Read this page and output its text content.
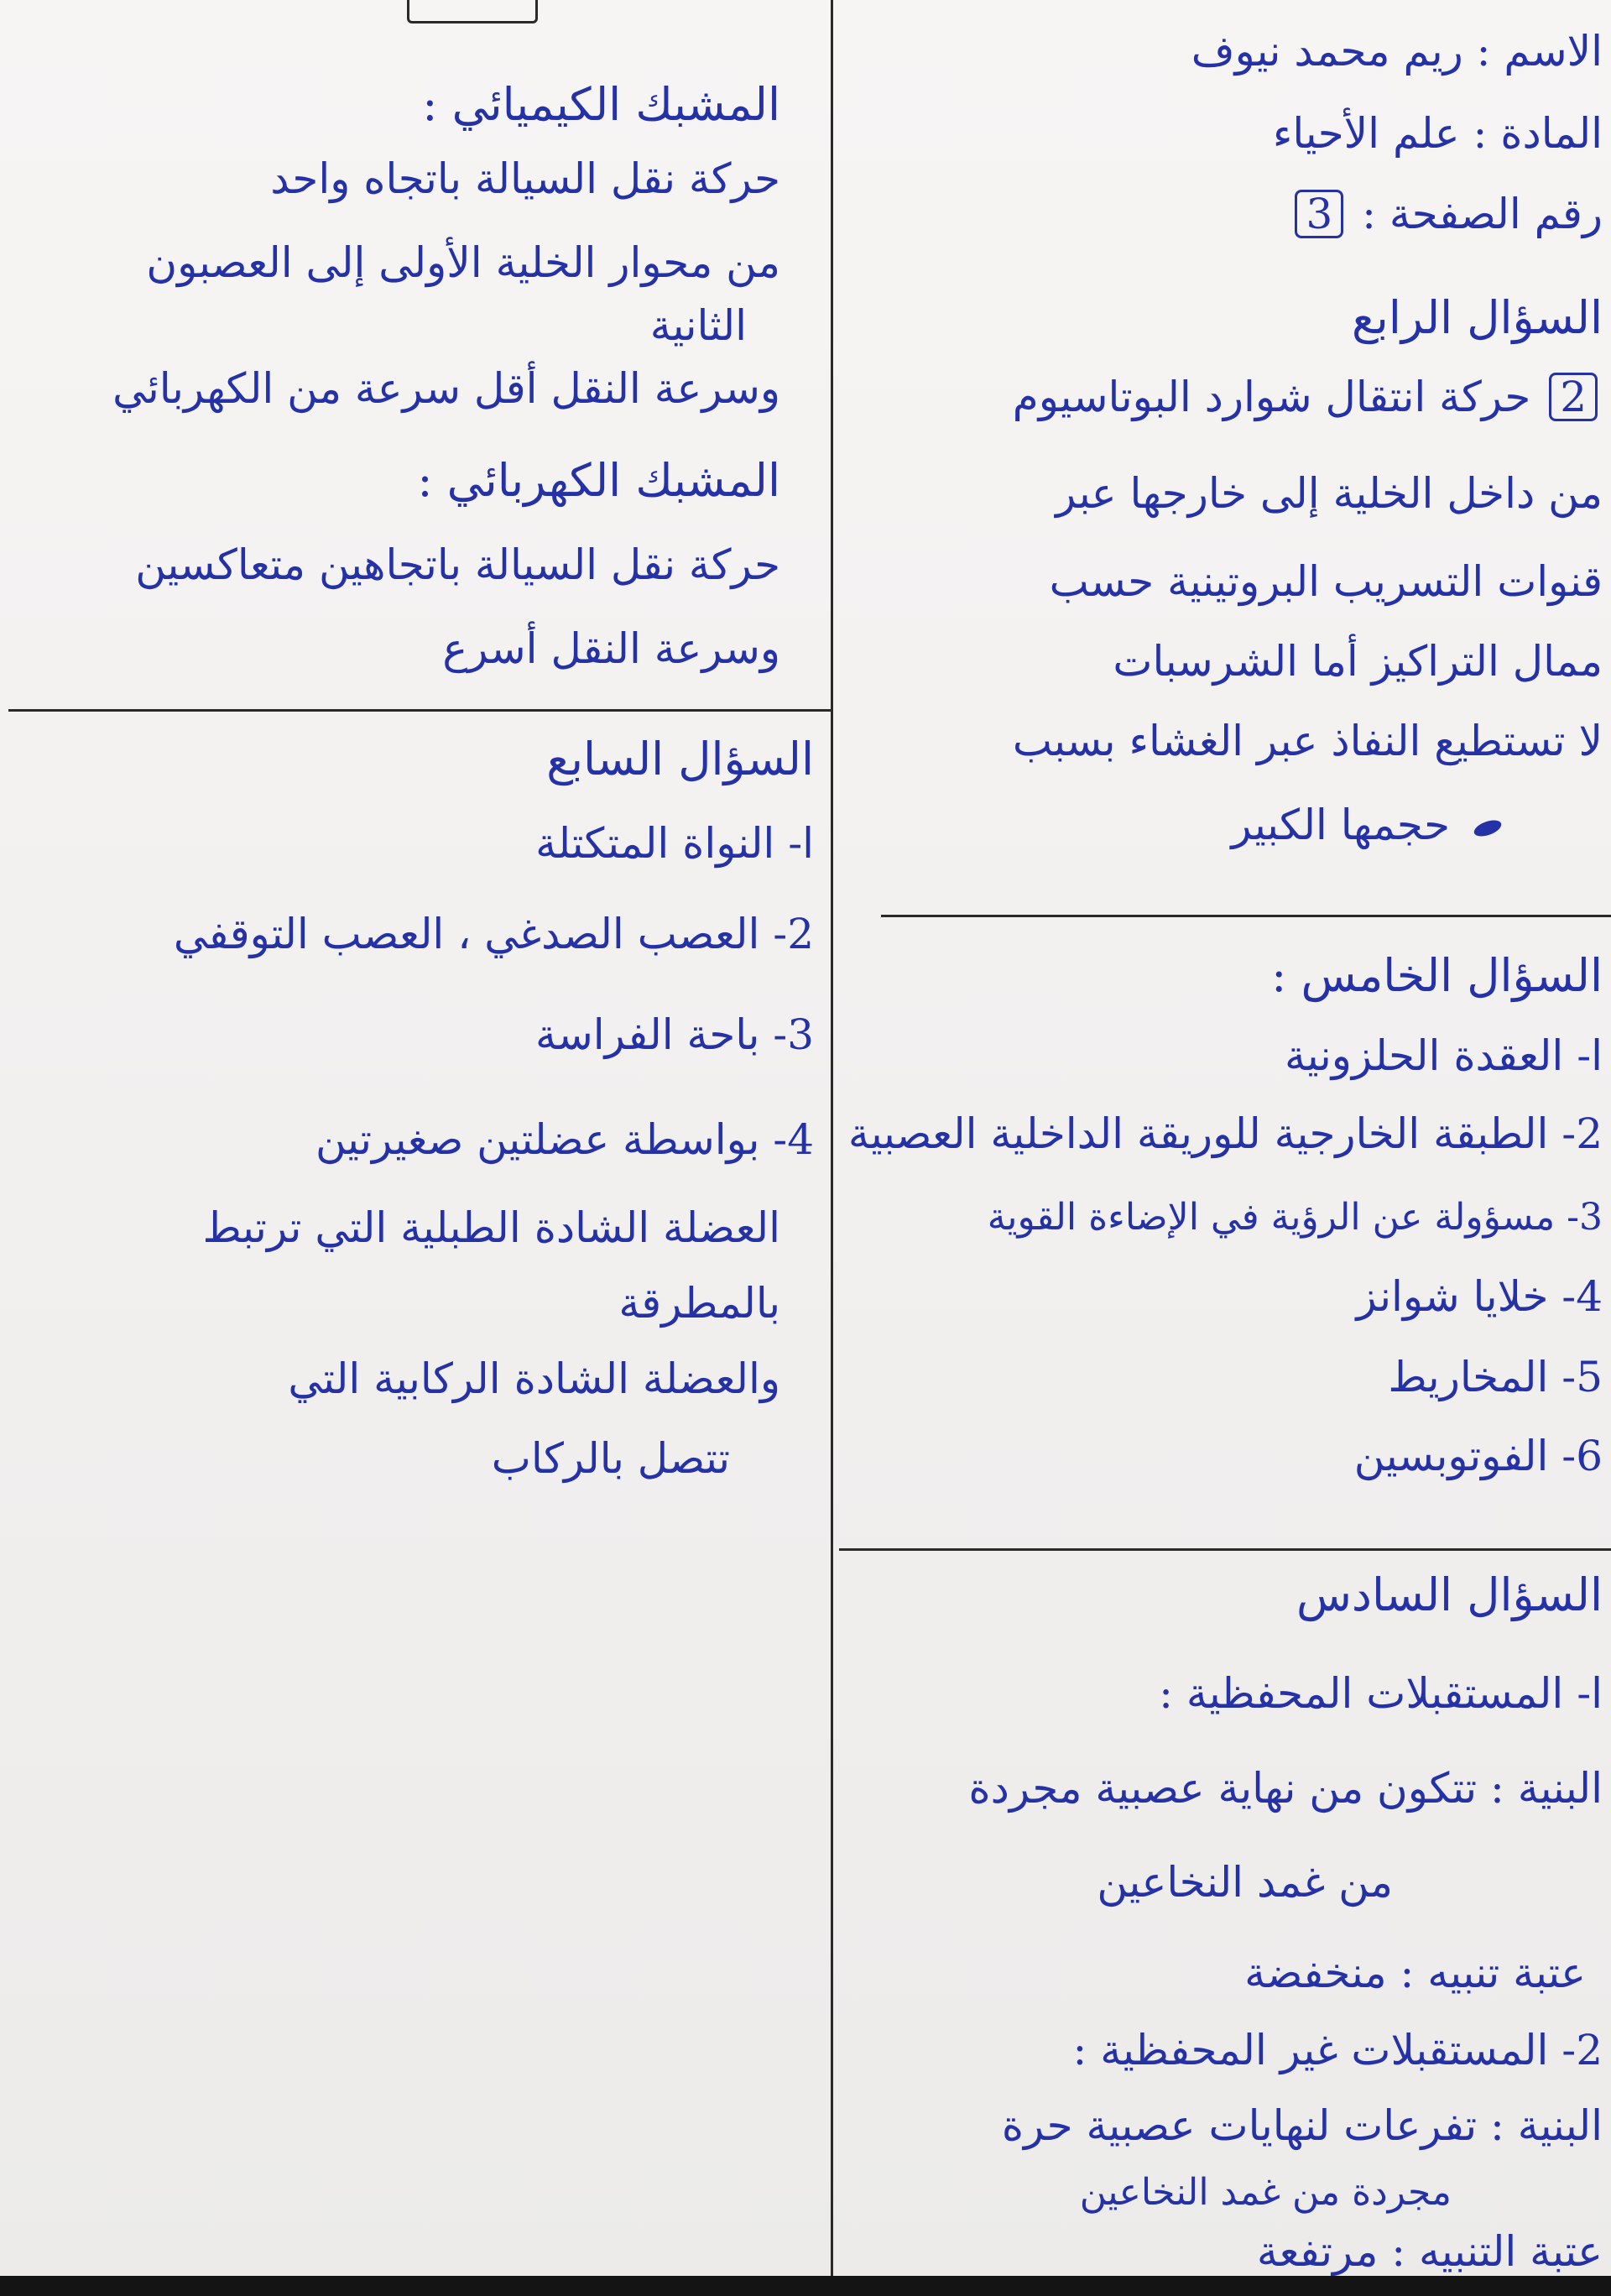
الاسم : ريم محمد نيوف
المادة : علم الأحياء
رقم الصفحة : 3
السؤال الرابع
2 حركة انتقال شوارد البوتاسيوم
من داخل الخلية إلى خارجها عبر
قنوات التسريب البروتينية حسب
ممال التراكيز أما الشرسبات
لا تستطيع النفاذ عبر الغشاء بسبب
حجمها الكبير
السؤال الخامس :
ا- العقدة الحلزونية
2- الطبقة الخارجية للوريقة الداخلية العصبية
3- مسؤولة عن الرؤية في الإضاءة القوية
4- خلايا شوانز
5- المخاريط
6- الفوتوبسين
السؤال السادس
ا- المستقبلات المحفظية :
البنية : تتكون من نهاية عصبية مجردة
من غمد النخاعين
عتبة تنبيه : منخفضة
2- المستقبلات غير المحفظية :
البنية : تفرعات لنهايات عصبية حرة
مجردة من غمد النخاعين
عتبة التنبيه : مرتفعة
المشبك الكيميائي :
حركة نقل السيالة باتجاه واحد
من محوار الخلية الأولى إلى العصبون
الثانية
وسرعة النقل أقل سرعة من الكهربائي
المشبك الكهربائي :
حركة نقل السيالة باتجاهين متعاكسين
وسرعة النقل أسرع
السؤال السابع
ا- النواة المتكتلة
2- العصب الصدغي ، العصب التوقفي
3- باحة الفراسة
4- بواسطة عضلتين صغيرتين
العضلة الشادة الطبلية التي ترتبط
بالمطرقة
والعضلة الشادة الركابية التي
تتصل بالركاب
